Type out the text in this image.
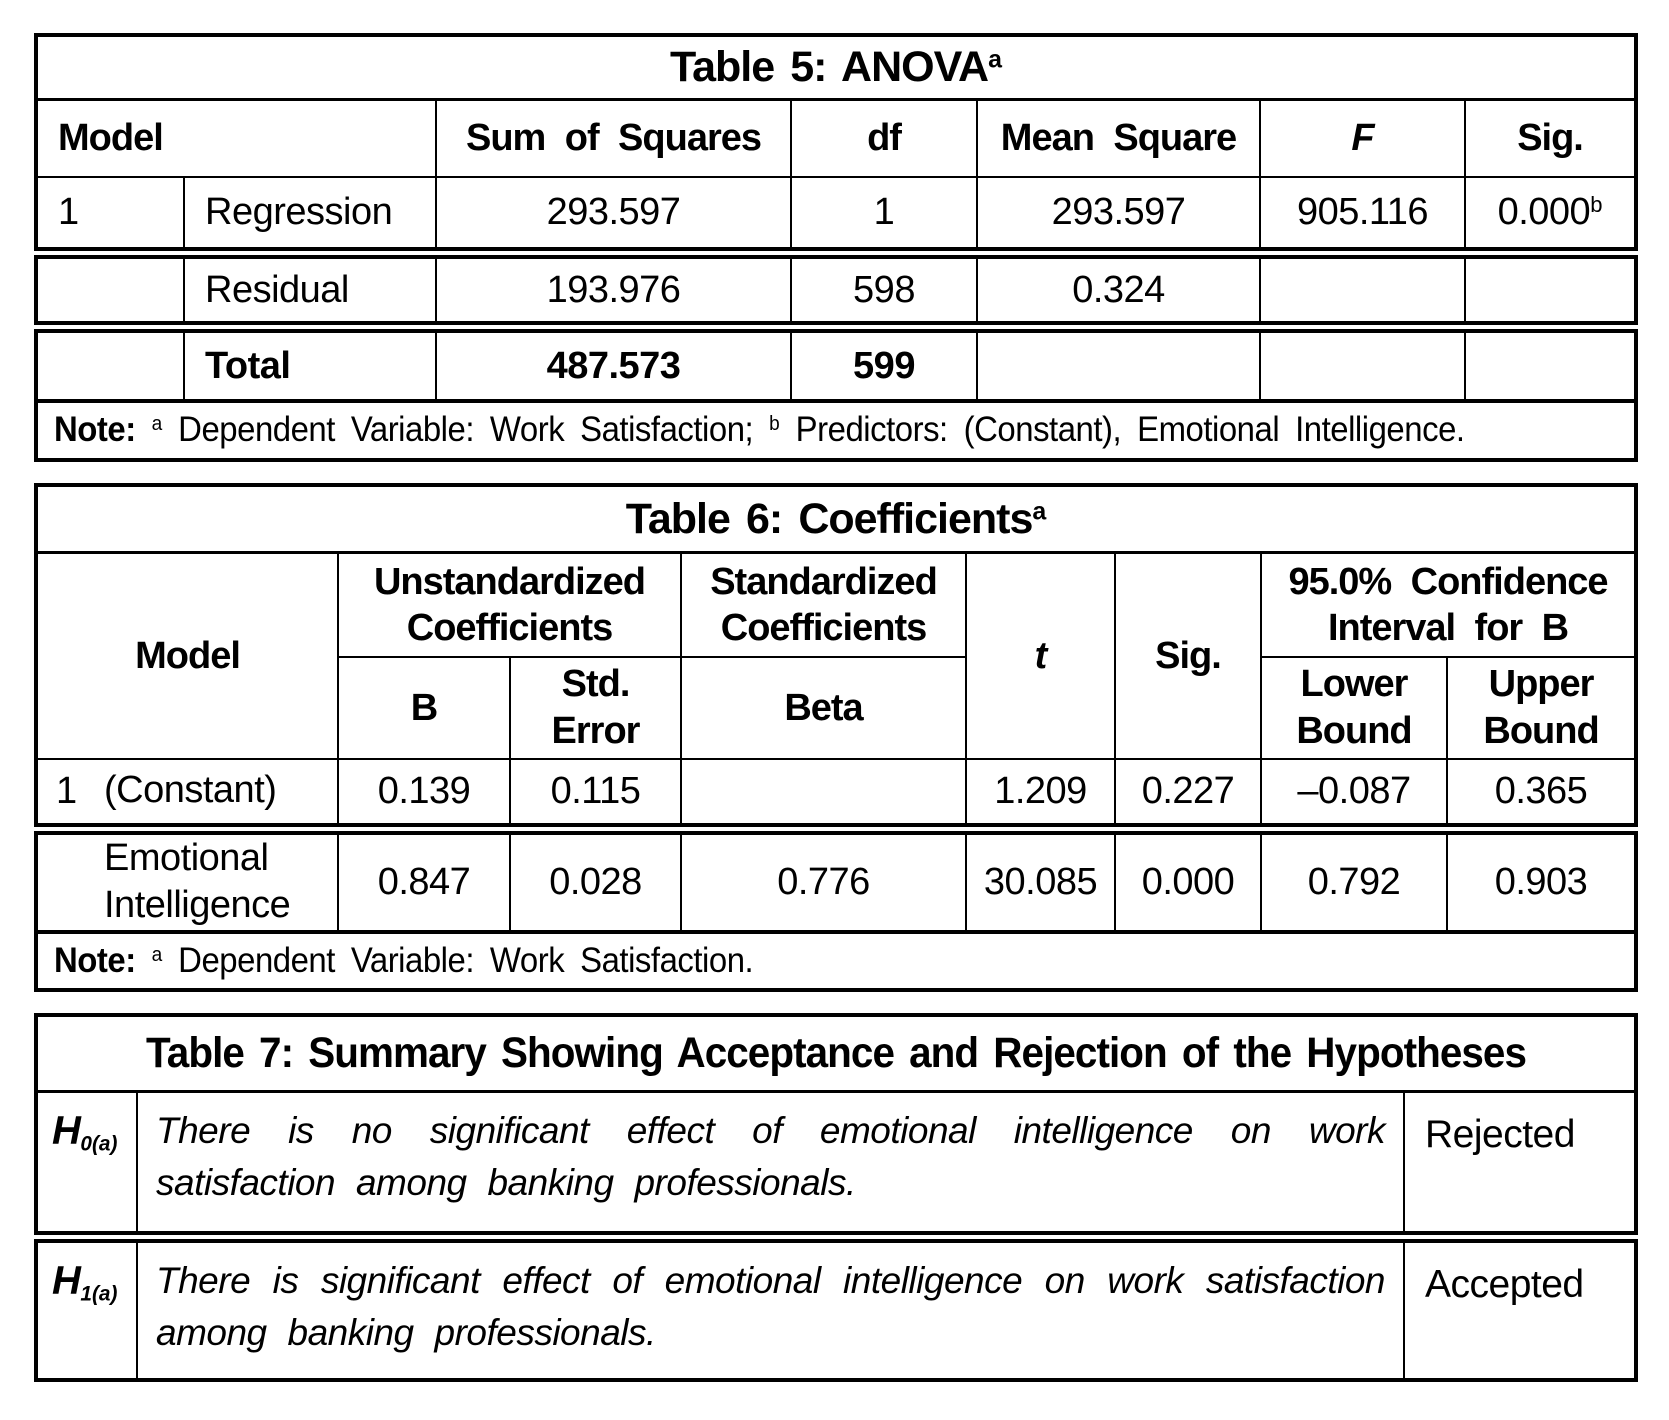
Table 5: ANOVA$^a$
Model		Sum of Squares	df	Mean Square	F	Sig.
1	Regression	293.597	1	293.597	905.116	0.000$^b$
	Residual	193.976	598	0.324		
	Total	487.573	599			
Note: $^a$ Dependent Variable: Work Satisfaction; $^b$ Predictors: (Constant), Emotional Intelligence.						
Table 6: Coefficients$^a$
Model	Unstandardized Coefficients		Standardized Coefficients	t	Sig.	95.0% Confidence Interval for B	
	B	Std. Error	Beta			Lower Bound	Upper Bound

1 (Constant)	0.139	0.115		1.209	0.227	–0.087	0.365

Emotional Intelligence	0.847	0.028	0.776	30.085	0.000	0.792	0.903
Note: $^a$ Dependent Variable: Work Satisfaction.							
Table 7: Summary Showing Acceptance and Rejection of the Hypotheses		
$H_{0(a)}$	There is no significant effect of emotional intelligence on work satisfaction among banking professionals.	Rejected
$H_{1(a)}$	There is significant effect of emotional intelligence on work satisfaction among banking professionals.	Accepted
